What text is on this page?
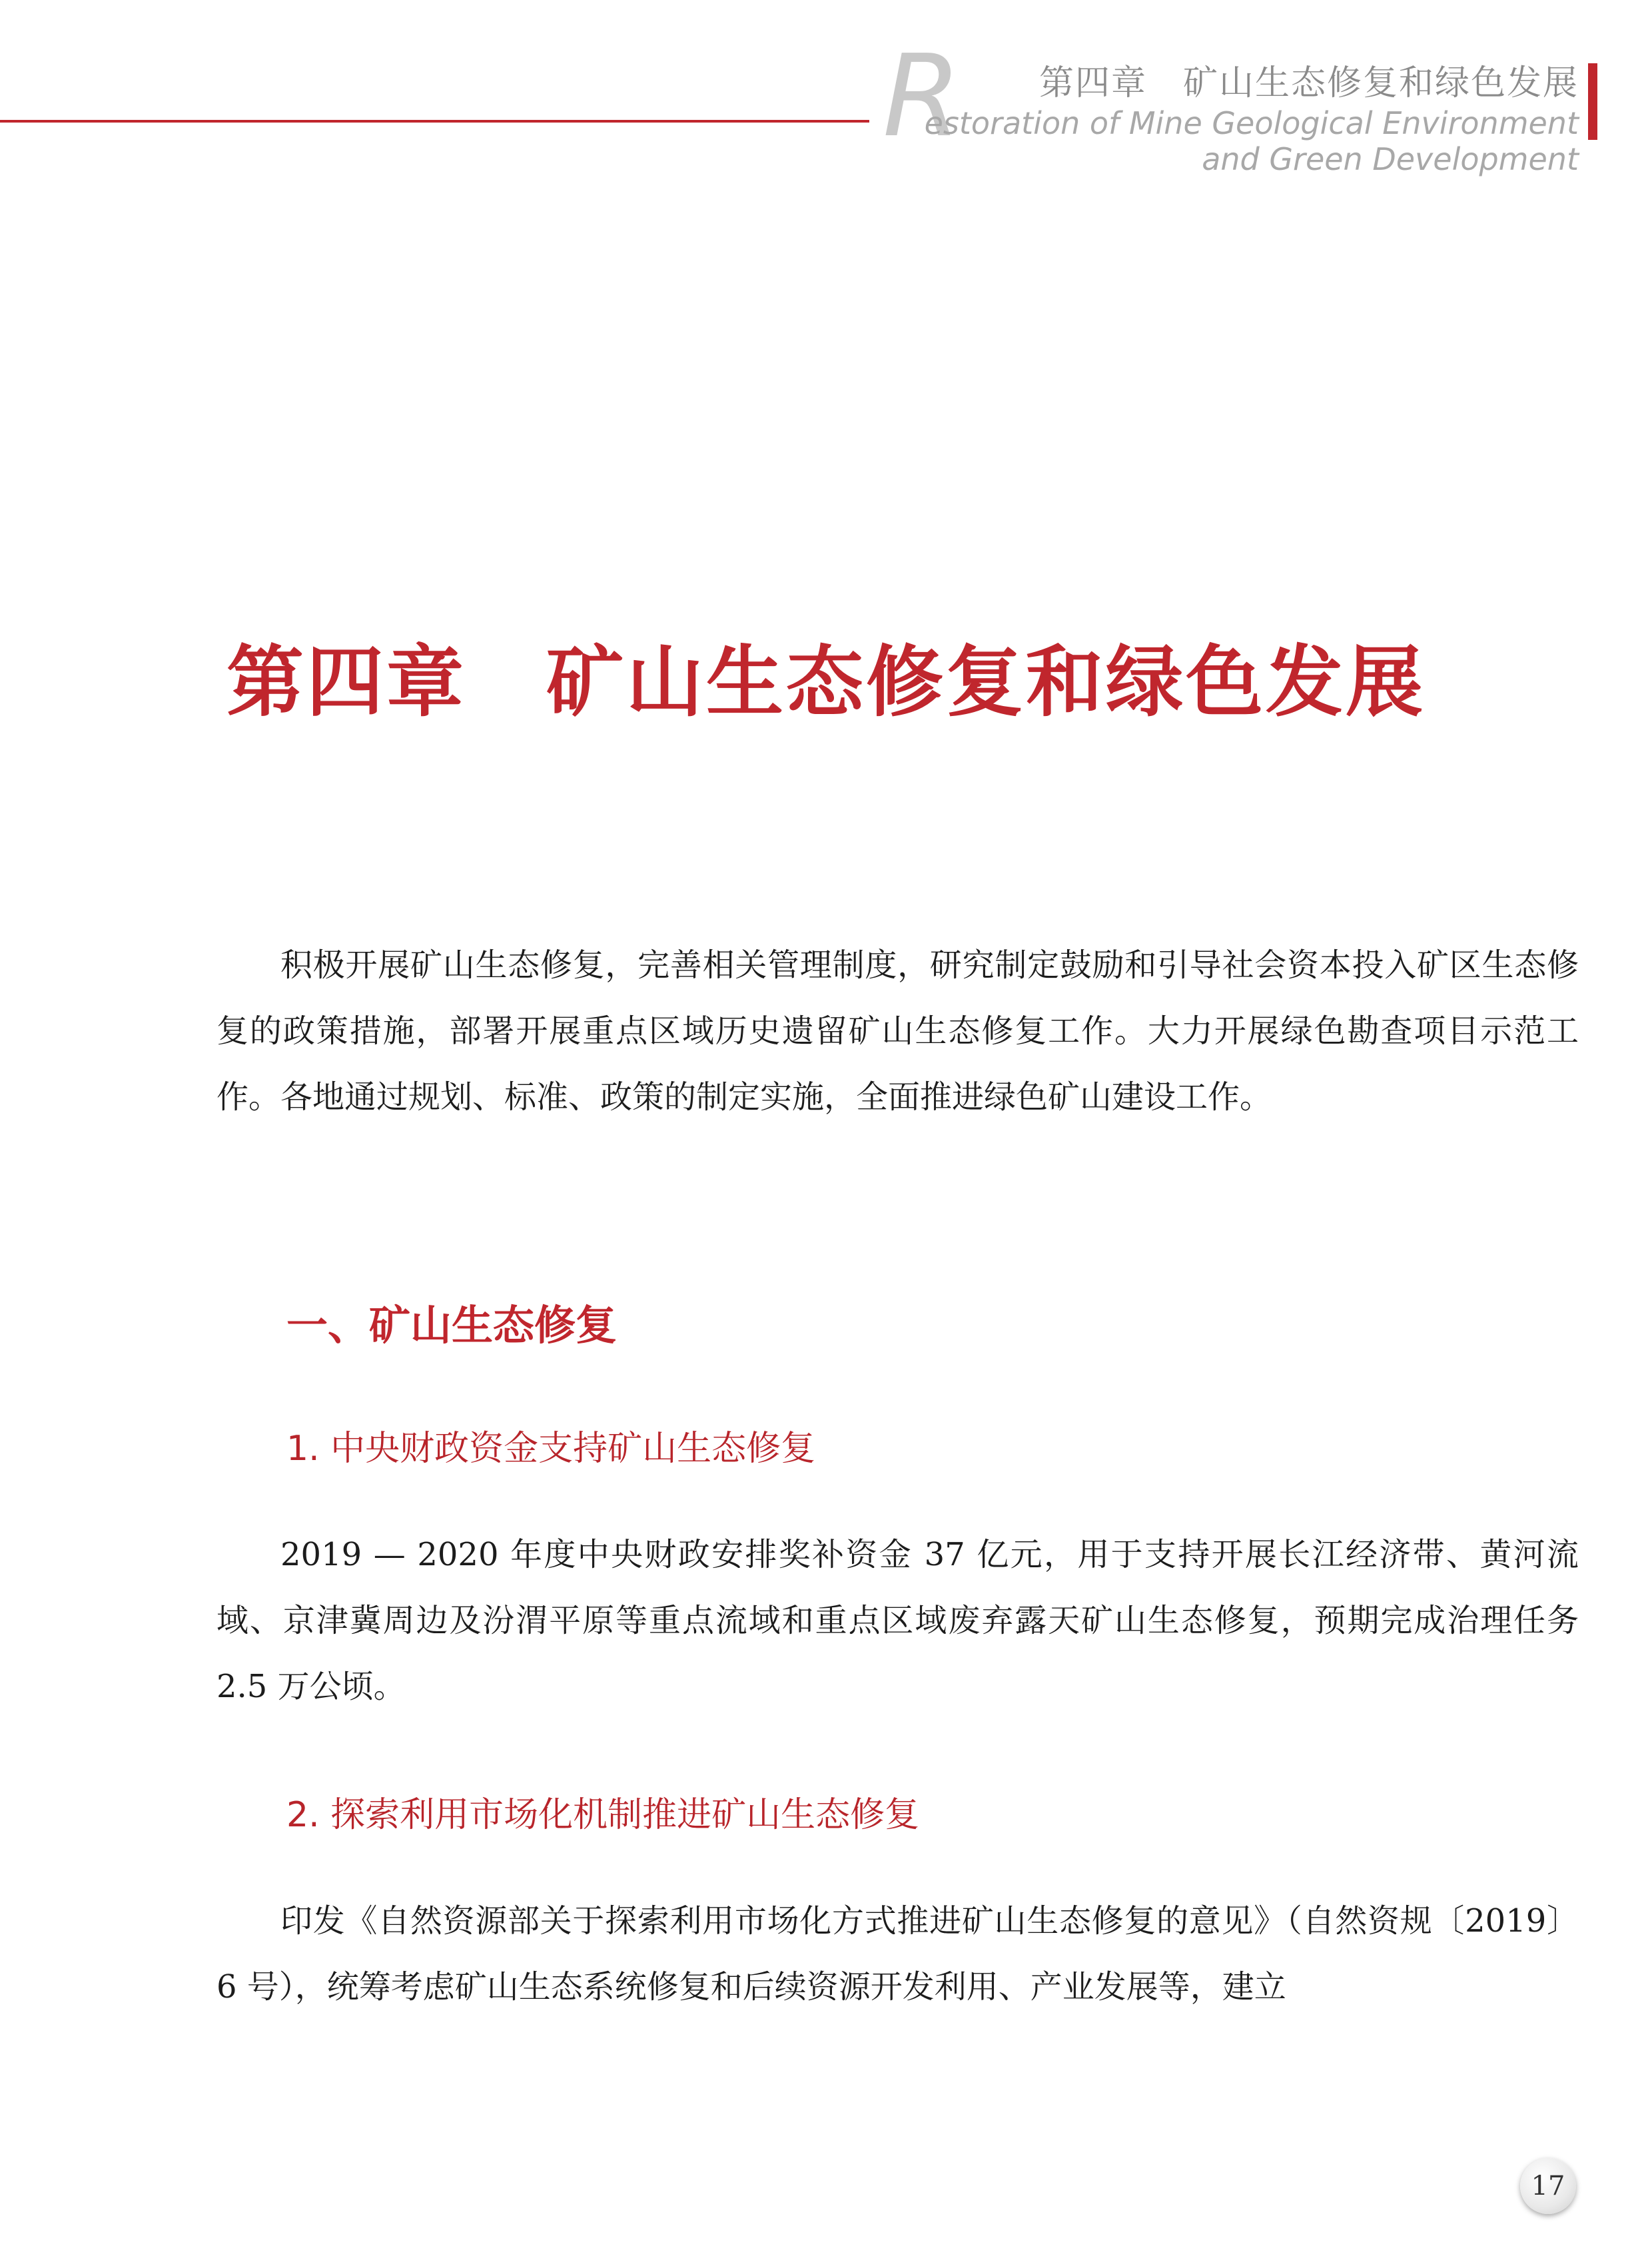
R 第四章　矿山生态修复和绿色发展
estoration of Mine Geological Environment
and Green Development
第四章　矿山生态修复和绿色发展

积极开展矿山生态修复，完善相关管理制度，研究制定鼓励和引导社会资本投入矿区生态修复的政策措施，部署开展重点区域历史遗留矿山生态修复工作。大力开展绿色勘查项目示范工作。各地通过规划、标准、政策的制定实施，全面推进绿色矿山建设工作。

一、矿山生态修复
1. 中央财政资金支持矿山生态修复

2019 — 2020 年度中央财政安排奖补资金 37 亿元，用于支持开展长江经济带、黄河流域、京津冀周边及汾渭平原等重点流域和重点区域废弃露天矿山生态修复，预期完成治理任务 2.5 万公顷。

2. 探索利用市场化机制推进矿山生态修复

印发《自然资源部关于探索利用市场化方式推进矿山生态修复的意见》（自然资规〔2019〕6 号），统筹考虑矿山生态系统修复和后续资源开发利用、产业发展等，建立

17
